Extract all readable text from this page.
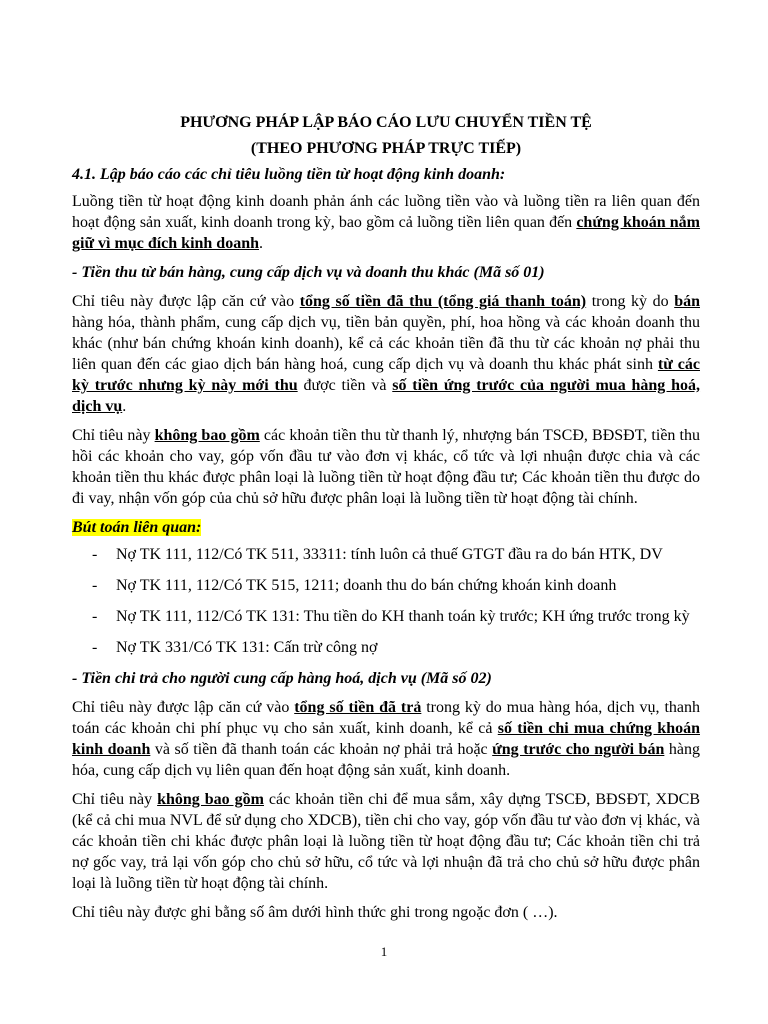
PHƯƠNG PHÁP LẬP BÁO CÁO LƯU CHUYỂN TIỀN TỆ

(THEO PHƯƠNG PHÁP TRỰC TIẾP)

4.1. Lập báo cáo các chỉ tiêu luồng tiền từ hoạt động kinh doanh:

Luồng tiền từ hoạt động kinh doanh phản ánh các luồng tiền vào và luồng tiền ra liên quan đến hoạt động sản xuất, kinh doanh trong kỳ, bao gồm cả luồng tiền liên quan đến chứng khoán nắm giữ vì mục đích kinh doanh.

- Tiền thu từ bán hàng, cung cấp dịch vụ và doanh thu khác (Mã số 01)

Chỉ tiêu này được lập căn cứ vào tổng số tiền đã thu (tổng giá thanh toán) trong kỳ do bán hàng hóa, thành phẩm, cung cấp dịch vụ, tiền bản quyền, phí, hoa hồng và các khoản doanh thu khác (như bán chứng khoán kinh doanh), kể cả các khoản tiền đã thu từ các khoản nợ phải thu liên quan đến các giao dịch bán hàng hoá, cung cấp dịch vụ và doanh thu khác phát sinh từ các kỳ trước nhưng kỳ này mới thu được tiền và số tiền ứng trước của người mua hàng hoá, dịch vụ.

Chỉ tiêu này không bao gồm các khoản tiền thu từ thanh lý, nhượng bán TSCĐ, BĐSĐT, tiền thu hồi các khoản cho vay, góp vốn đầu tư vào đơn vị khác, cổ tức và lợi nhuận được chia và các khoản tiền thu khác được phân loại là luồng tiền từ hoạt động đầu tư; Các khoản tiền thu được do đi vay, nhận vốn góp của chủ sở hữu được phân loại là luồng tiền từ hoạt động tài chính.

Bút toán liên quan:

- Nợ TK 111, 112/Có TK 511, 33311: tính luôn cả thuế GTGT đầu ra do bán HTK, DV
- Nợ TK 111, 112/Có TK 515, 1211; doanh thu do bán chứng khoán kinh doanh
- Nợ TK 111, 112/Có TK 131: Thu tiền do KH thanh toán kỳ trước; KH ứng trước trong kỳ
- Nợ TK 331/Có TK 131: Cấn trừ công nợ

- Tiền chi trả cho người cung cấp hàng hoá, dịch vụ (Mã số 02)

Chỉ tiêu này được lập căn cứ vào tổng số tiền đã trả trong kỳ do mua hàng hóa, dịch vụ, thanh toán các khoản chi phí phục vụ cho sản xuất, kinh doanh, kể cả số tiền chi mua chứng khoán kinh doanh và số tiền đã thanh toán các khoản nợ phải trả hoặc ứng trước cho người bán hàng hóa, cung cấp dịch vụ liên quan đến hoạt động sản xuất, kinh doanh.

Chỉ tiêu này không bao gồm các khoản tiền chi để mua sắm, xây dựng TSCĐ, BĐSĐT, XDCB (kể cả chi mua NVL để sử dụng cho XDCB), tiền chi cho vay, góp vốn đầu tư vào đơn vị khác, và các khoản tiền chi khác được phân loại là luồng tiền từ hoạt động đầu tư; Các khoản tiền chi trả nợ gốc vay, trả lại vốn góp cho chủ sở hữu, cổ tức và lợi nhuận đã trả cho chủ sở hữu được phân loại là luồng tiền từ hoạt động tài chính.

Chỉ tiêu này được ghi bằng số âm dưới hình thức ghi trong ngoặc đơn ( …).

1
